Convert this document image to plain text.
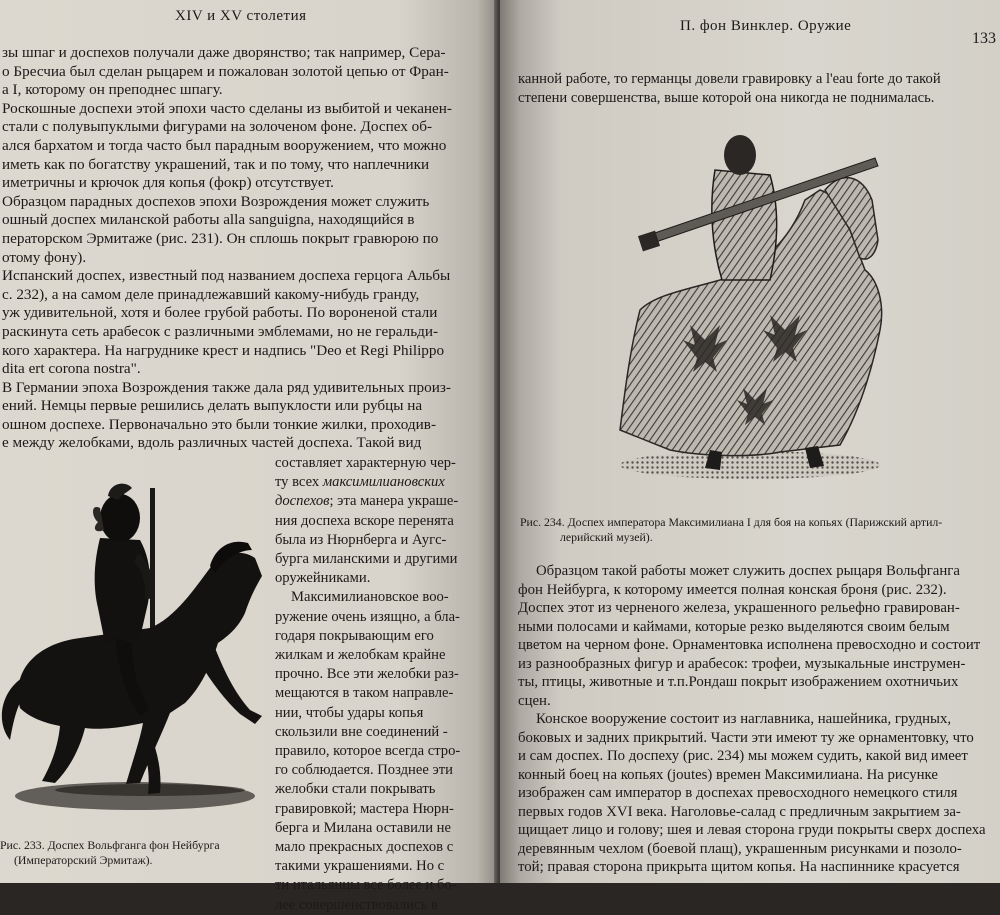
XIV и XV столетия
зы шпаг и доспехов получали даже дворянство; так например, Сера-
о Бресчиа был сделан рыцарем и пожалован золотой цепью от Фран-
а I, которому он преподнес шпагу.
Роскошные доспехи этой эпохи часто сделаны из выбитой и чеканен-
стали с полувыпуклыми фигурами на золоченом фоне. Доспех об-
ался бархатом и тогда часто был парадным вооружением, что можно
иметь как по богатству украшений, так и по тому, что наплечники
иметричны и крючок для копья (фокр) отсутствует.
Образцом парадных доспехов эпохи Возрождения может служить
ошный доспех миланской работы alla sanguigna, находящийся в
ператорском Эрмитаже (рис. 231). Он сплошь покрыт гравюрою по
отому фону).
Испанский доспех, известный под названием доспеха герцога Альбы
с. 232), а на самом деле принадлежавший какому-нибудь гранду,
уж удивительной, хотя и более грубой работы. По вороненой стали
раскинута сеть арабесок с различными эмблемами, но не геральди-
кого характера. На нагруднике крест и надпись "Deo et Regi Philippo
dita ert corona nostra".
В Германии эпоха Возрождения также дала ряд удивительных произ-
ений. Немцы первые решились делать выпуклости или рубцы на
ошном доспехе. Первоначально это были тонкие жилки, проходив-
е между желобками, вдоль различных частей доспеха. Такой вид
составляет характерную чер-
ту всех максимилиановских
доспехов; эта манера украше-
ния доспеха вскоре перенята
была из Нюрнберга и Аугс-
бурга миланскими и другими
оружейниками.
Максимилиановское воо-
ружение очень изящно, а бла-
годаря покрывающим его
жилкам и желобкам крайне
прочно. Все эти желобки раз-
мещаются в таком направле-
нии, чтобы удары копья
скользили вне соединений -
правило, которое всегда стро-
го соблюдается. Позднее эти
желобки стали покрывать
гравировкой; мастера Нюрн-
берга и Милана оставили не
мало прекрасных доспехов с
такими украшениями. Но с
ти итальянцы все более и бо-
лее совершенствовались в
Рис. 233. Доспех Вольфганга фон Нейбурга
(Императорский Эрмитаж).
П. фон Винклер. Оружие
133
канной работе, то германцы довели гравировку a l'eau forte до такой
степени совершенства, выше которой она никогда не поднималась.
Рис. 234. Доспех императора Максимилиана I для боя на копьях (Парижский артил-
лерийский музей).
Образцом такой работы может служить доспех рыцаря Вольфганга
фон Нейбурга, к которому имеется полная конская броня (рис. 232).
Доспех этот из черненого железа, украшенного рельефно гравирован-
ными полосами и каймами, которые резко выделяются своим белым
цветом на черном фоне. Орнаментовка исполнена превосходно и состоит
из разнообразных фигур и арабесок: трофеи, музыкальные инструмен-
ты, птицы, животные и т.п.Рондаш покрыт изображением охотничьих
сцен.
Конское вооружение состоит из наглавника, нашейника, грудных,
боковых и задних прикрытий. Части эти имеют ту же орнаментовку, что
и сам доспех. По доспеху (рис. 234) мы можем судить, какой вид имеет
конный боец на копьях (joutes) времен Максимилиана. На рисунке
изображен сам император в доспехах превосходного немецкого стиля
первых годов XVI века. Наголовье-салад с предличным закрытием за-
щищает лицо и голову; шея и левая сторона груди покрыты сверх доспеха
деревянным чехлом (боевой плащ), украшенным рисунками и позоло-
той; правая сторона прикрыта щитом копья. На наспиннике красуется
